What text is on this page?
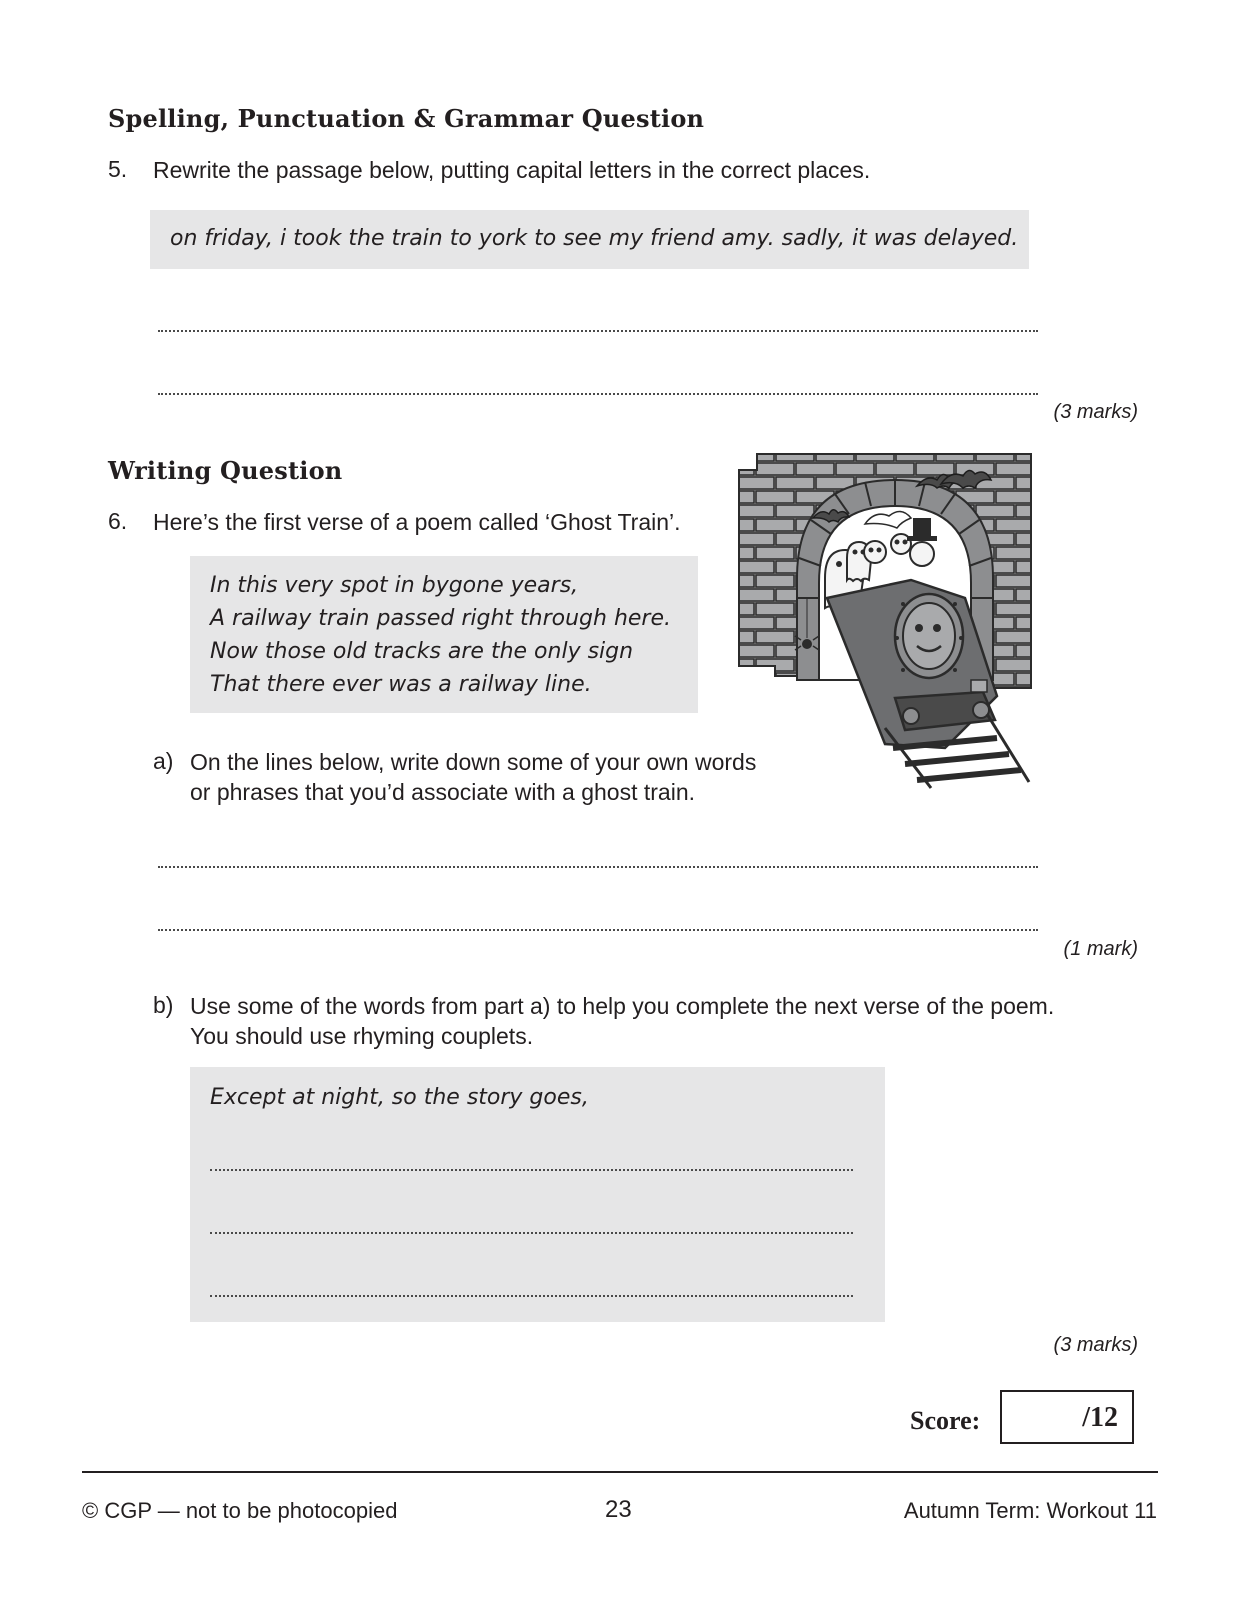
Spelling, Punctuation & Grammar Question
5. Rewrite the passage below, putting capital letters in the correct places.
on friday, i took the train to york to see my friend amy. sadly, it was delayed.
(3 marks)
Writing Question
6. Here’s the first verse of a poem called ‘Ghost Train’.
In this very spot in bygone years,
A railway train passed right through here.
Now those old tracks are the only sign
That there ever was a railway line.
a) On the lines below, write down some of your own words
or phrases that you’d associate with a ghost train.
(1 mark)
b) Use some of the words from part a) to help you complete the next verse of the poem.
You should use rhyming couplets.
Except at night, so the story goes,
(3 marks)
Score:	/12
© CGP — not to be photocopied	23	Autumn Term: Workout 11
